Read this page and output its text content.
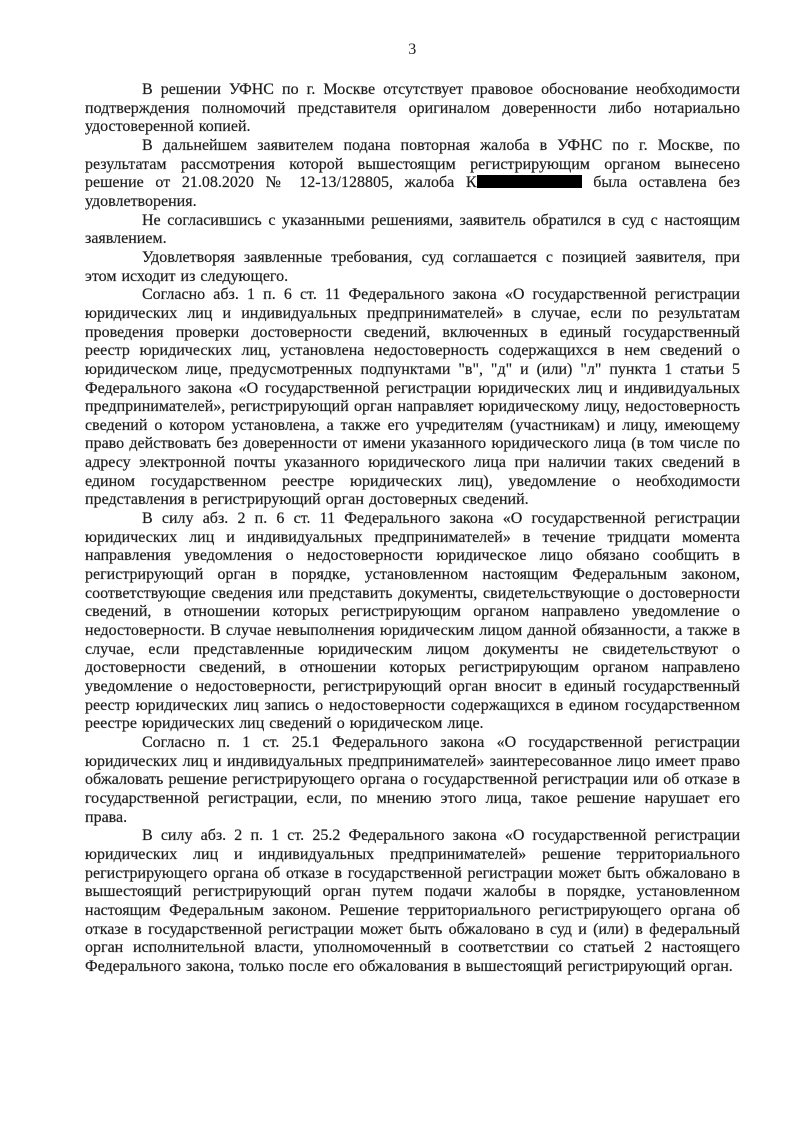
3

В решении УФНС по г. Москве отсутствует правовое обоснование необходимости подтверждения полномочий представителя оригиналом доверенности либо нотариально удостоверенной копией.

В дальнейшем заявителем подана повторная жалоба в УФНС по г. Москве, по результатам рассмотрения которой вышестоящим регистрирующим органом вынесено решение от 21.08.2020 № 12-13/128805, жалоба К	была оставлена без удовлетворения.

Не согласившись с указанными решениями, заявитель обратился в суд с настоящим заявлением.

Удовлетворяя заявленные требования, суд соглашается с позицией заявителя, при этом исходит из следующего.

Согласно абз. 1 п. 6 ст. 11 Федерального закона «О государственной регистрации юридических лиц и индивидуальных предпринимателей» в случае, если по результатам проведения проверки достоверности сведений, включенных в единый государственный реестр юридических лиц, установлена недостоверность содержащихся в нем сведений о юридическом лице, предусмотренных подпунктами "в", "д" и (или) "л" пункта 1 статьи 5 Федерального закона «О государственной регистрации юридических лиц и индивидуальных предпринимателей», регистрирующий орган направляет юридическому лицу, недостоверность сведений о котором установлена, а также его учредителям (участникам) и лицу, имеющему право действовать без доверенности от имени указанного юридического лица (в том числе по адресу электронной почты указанного юридического лица при наличии таких сведений в едином государственном реестре юридических лиц), уведомление о необходимости представления в регистрирующий орган достоверных сведений.

В силу абз. 2 п. 6 ст. 11 Федерального закона «О государственной регистрации юридических лиц и индивидуальных предпринимателей» в течение тридцати момента направления уведомления о недостоверности юридическое лицо обязано сообщить в регистрирующий орган в порядке, установленном настоящим Федеральным законом, соответствующие сведения или представить документы, свидетельствующие о достоверности сведений, в отношении которых регистрирующим органом направлено уведомление о недостоверности. В случае невыполнения юридическим лицом данной обязанности, а также в случае, если представленные юридическим лицом документы не свидетельствуют о достоверности сведений, в отношении которых регистрирующим органом направлено уведомление о недостоверности, регистрирующий орган вносит в единый государственный реестр юридических лиц запись о недостоверности содержащихся в едином государственном реестре юридических лиц сведений о юридическом лице.

Согласно п. 1 ст. 25.1 Федерального закона «О государственной регистрации юридических лиц и индивидуальных предпринимателей» заинтересованное лицо имеет право обжаловать решение регистрирующего органа о государственной регистрации или об отказе в государственной регистрации, если, по мнению этого лица, такое решение нарушает его права.

В силу абз. 2 п. 1 ст. 25.2 Федерального закона «О государственной регистрации юридических лиц и индивидуальных предпринимателей» решение территориального регистрирующего органа об отказе в государственной регистрации может быть обжаловано в вышестоящий регистрирующий орган путем подачи жалобы в порядке, установленном настоящим Федеральным законом. Решение территориального регистрирующего органа об отказе в государственной регистрации может быть обжаловано в суд и (или) в федеральный орган исполнительной власти, уполномоченный в соответствии со статьей 2 настоящего Федерального закона, только после его обжалования в вышестоящий регистрирующий орган.
